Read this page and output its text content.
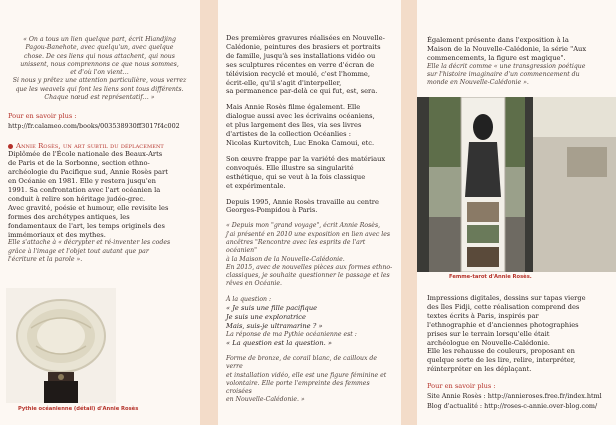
« On a tous un lien quelque part, écrit Hiandjing

Pagou-Banehote, avec quelqu'un, avec quelque

chose. De ces liens qui nous attachent, qui nous

unissent, nous comprennons ce que nous sommes,

et d'où l'on vient…

Si nous y prêtez une attention particulière, vous verrez

que les weavels qui font les liens sont tous différents.

Chaque nœud est représentatif… »

Pour en savoir plus :

http://fr.calameo.com/books/003538930ff3017f4c002

Annie Rosès, un art subtil du déplacement

Diplômée de l'École nationale des Beaux-Arts

de Paris et de la Sorbonne, section ethno-

archéologie du Pacifique sud, Annie Rosès part

en Océanie en 1981. Elle y restera jusqu'en

1991. Sa confrontation avec l'art océanien la

conduit à relire son héritage judéo-grec.

Avec gravité, poésie et humour, elle revisite les

formes des archétypes antiques, les

fondamentaux de l'art, les temps originels des

immémoriaux et des mythes.

Elle s'attache à « décrypter et ré-inventer les codes

grâce à l'image et l'objet tout autant que par

l'écriture et la parole ».

Pythie océanienne (détail) d'Annie Rosès

Des premières gravures réalisées en Nouvelle-

Calédonie, peintures des brasiers et portraits

de famille, jusqu'à ses installations vidéo ou

ses sculptures récentes en verre d'écran de

télévision recyclé et moulé, c'est l'homme,

écrit-elle, qu'il s'agit d'interpeller,

sa permanence par-delà ce qui fut, est, sera.

Mais Annie Rosès filme également. Elle

dialogue aussi avec les écrivains océaniens,

et plus largement des îles, via ses livres

d'artistes de la collection Océanlies :

Nicolas Kurtovitch, Luc Enoka Camoui, etc.

Son œuvre frappe par la variété des matériaux

convoqués. Elle illustre sa singularité

esthétique, qui se veut à la fois classique

et expérimentale.

Depuis 1995, Annie Rosès travaille au centre

Georges-Pompidou à Paris.

« Depuis mon "grand voyage", écrit Annie Rosès,

j'ai présenté en 2010 une exposition en lien avec les

ancêtres "Rencontre avec les esprits de l'art océanien"

à la Maison de la Nouvelle-Calédonie.

En 2015, avec de nouvelles pièces aux formes ethno-

classiques, je souhaite questionner le passage et les

rêves en Océanie.

À la question :

« Je suis une fille pacifique

Je suis une exploratrice

Mais, suis-je ultramarine ? »

La réponse de ma Pythie océanienne est :

« La question est la question. »

Forme de bronze, de corail blanc, de cailloux de verre

et installation vidéo, elle est une figure féminine et

volontaire. Elle porte l'empreinte des femmes croisées

en Nouvelle-Calédonie. »

Également présente dans l'exposition à la

Maison de la Nouvelle-Calédonie, la série "Aux

commencements, la figure est magique".

Elle la décrit comme « une transgression poétique

sur l'histoire imaginaire d'un commencement du

monde en Nouvelle-Calédonie ».

Femme-tarot d'Annie Rosès.

Impressions digitales, dessins sur tapas vierge

des îles Fidji, cette réalisation comprend des

textes écrits à Paris, inspirés par

l'ethnographie et d'anciennes photographies

prises sur le terrain lorsqu'elle était

archéologue en Nouvelle-Calédonie.

Elle les rehausse de couleurs, proposant en

quelque sorte de les lire, relire, interpréter,

réinterpréter en les déplaçant.

Pour en savoir plus :

Site Annie Rosès : http://annieroses.free.fr/index.html

Blog d'actualité : http://roses-c-annie.over-blog.com/
